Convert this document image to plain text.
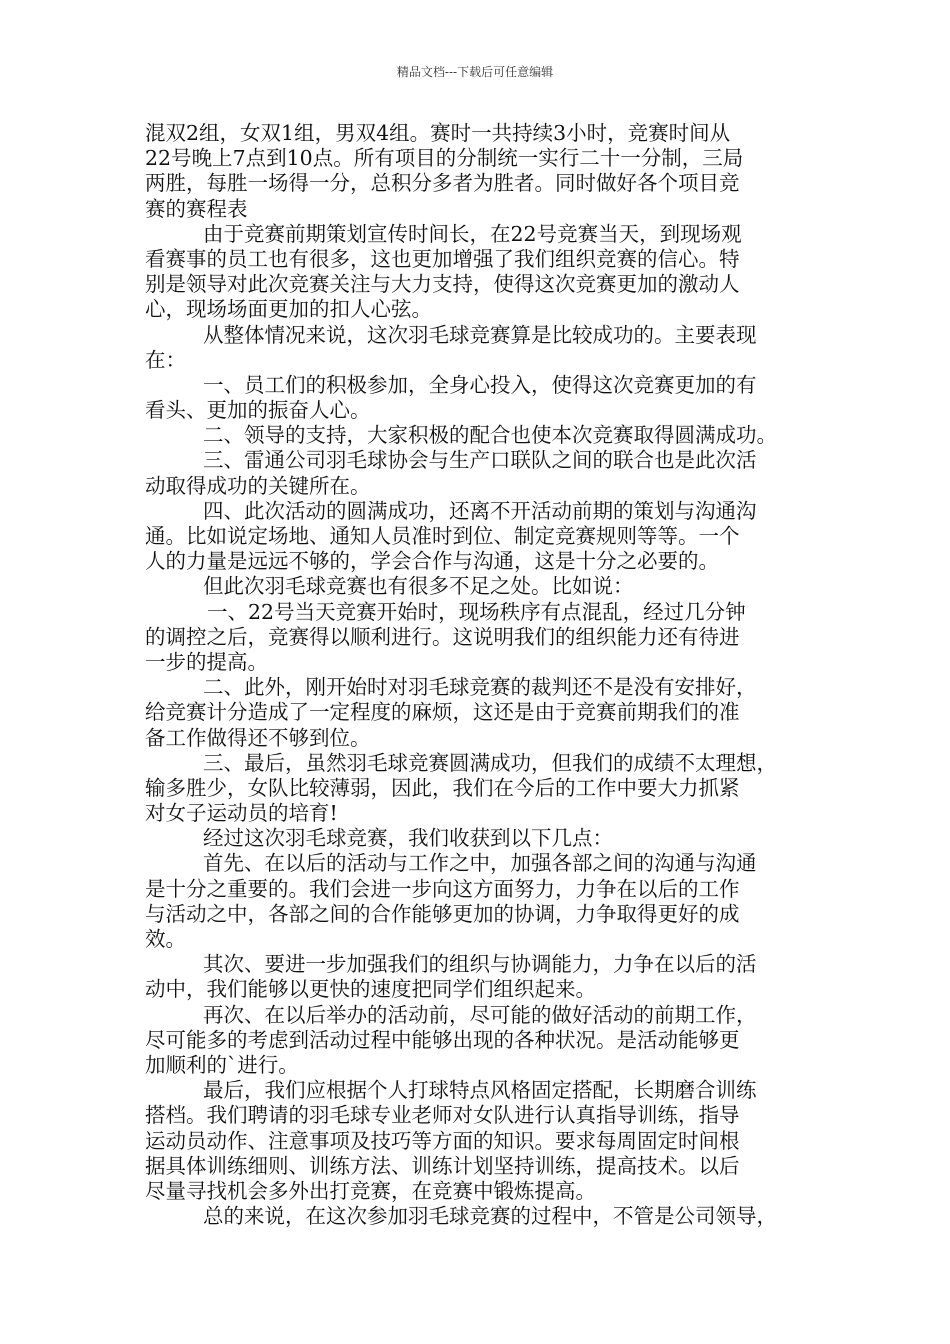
精品文档---下载后可任意编辑
混双2组，女双1组，男双4组。赛时一共持续3小时，竞赛时间从
22号晚上7点到10点。所有项目的分制统一实行二十一分制，三局
两胜，每胜一场得一分，总积分多者为胜者。同时做好各个项目竞
赛的赛程表
由于竞赛前期策划宣传时间长，在22号竞赛当天，到现场观
看赛事的员工也有很多，这也更加增强了我们组织竞赛的信心。特
别是领导对此次竞赛关注与大力支持，使得这次竞赛更加的激动人
心，现场场面更加的扣人心弦。
从整体情况来说，这次羽毛球竞赛算是比较成功的。主要表现
在：
一、员工们的积极参加，全身心投入，使得这次竞赛更加的有
看头、更加的振奋人心。
二、领导的支持，大家积极的配合也使本次竞赛取得圆满成功。
三、雷通公司羽毛球协会与生产口联队之间的联合也是此次活
动取得成功的关键所在。
四、此次活动的圆满成功，还离不开活动前期的策划与沟通沟
通。比如说定场地、通知人员准时到位、制定竞赛规则等等。一个
人的力量是远远不够的，学会合作与沟通，这是十分之必要的。
但此次羽毛球竞赛也有很多不足之处。比如说：
一、22号当天竞赛开始时，现场秩序有点混乱，经过几分钟
的调控之后，竞赛得以顺利进行。这说明我们的组织能力还有待进
一步的提高。
二、此外，刚开始时对羽毛球竞赛的裁判还不是没有安排好，
给竞赛计分造成了一定程度的麻烦，这还是由于竞赛前期我们的准
备工作做得还不够到位。
三、最后，虽然羽毛球竞赛圆满成功，但我们的成绩不太理想，
输多胜少，女队比较薄弱，因此，我们在今后的工作中要大力抓紧
对女子运动员的培育!
经过这次羽毛球竞赛，我们收获到以下几点：
首先、在以后的活动与工作之中，加强各部之间的沟通与沟通
是十分之重要的。我们会进一步向这方面努力，力争在以后的工作
与活动之中，各部之间的合作能够更加的协调，力争取得更好的成
效。
其次、要进一步加强我们的组织与协调能力，力争在以后的活
动中，我们能够以更快的速度把同学们组织起来。
再次、在以后举办的活动前，尽可能的做好活动的前期工作，
尽可能多的考虑到活动过程中能够出现的各种状况。是活动能够更
加顺利的`进行。
最后，我们应根据个人打球特点风格固定搭配，长期磨合训练
搭档。我们聘请的羽毛球专业老师对女队进行认真指导训练，指导
运动员动作、注意事项及技巧等方面的知识。要求每周固定时间根
据具体训练细则、训练方法、训练计划坚持训练，提高技术。以后
尽量寻找机会多外出打竞赛，在竞赛中锻炼提高。
总的来说，在这次参加羽毛球竞赛的过程中，不管是公司领导，
